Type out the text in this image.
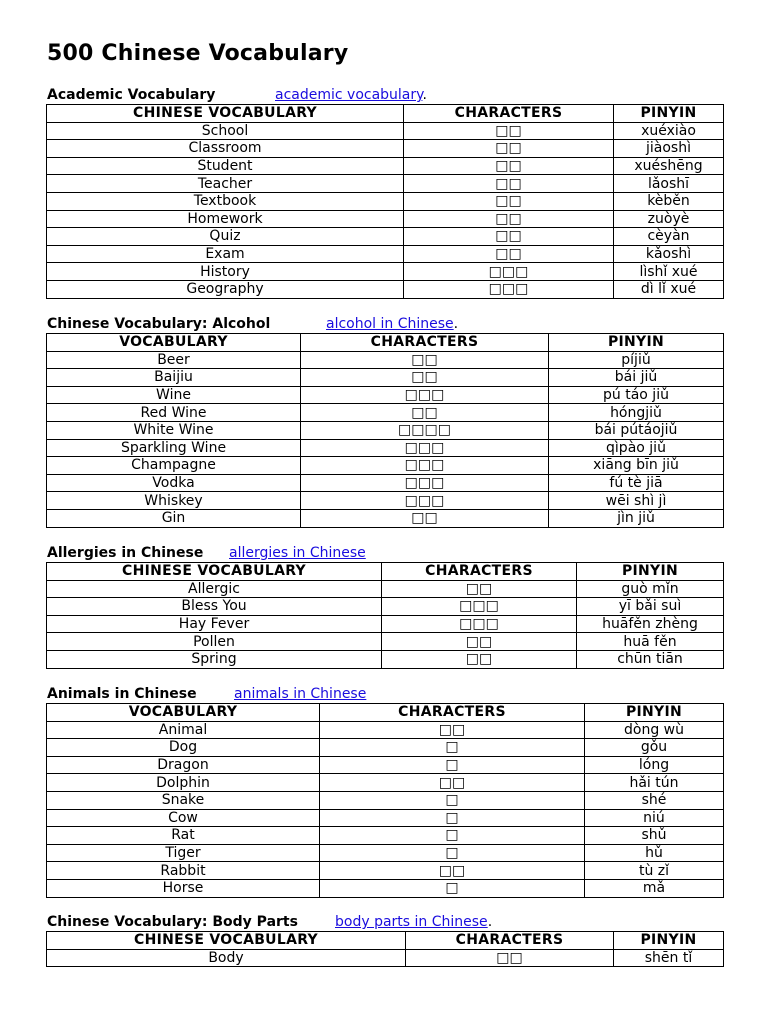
500 Chinese Vocabulary
Academic Vocabulary	academic vocabulary.
CHINESE VOCABULARY	CHARACTERS	PINYIN
School	□□	xuéxiào
Classroom	□□	jiàoshì
Student	□□	xuéshēng
Teacher	□□	lǎoshī
Textbook	□□	kèběn
Homework	□□	zuòyè
Quiz	□□	cèyàn
Exam	□□	kǎoshì
History	□□□	lìshǐ xué
Geography	□□□	dì lǐ xué
Chinese Vocabulary: Alcohol	alcohol in Chinese.
VOCABULARY	CHARACTERS	PINYIN
Beer	□□	píjiǔ
Baijiu	□□	bái jiǔ
Wine	□□□	pú táo jiǔ
Red Wine	□□	hóngjiǔ
White Wine	□□□□	bái pútáojiǔ
Sparkling Wine	□□□	qìpào jiǔ
Champagne	□□□	xiāng bīn jiǔ
Vodka	□□□	fú tè jiā
Whiskey	□□□	wēi shì jì
Gin	□□	jìn jiǔ
Allergies in Chinese allergies in Chinese
CHINESE VOCABULARY	CHARACTERS	PINYIN
Allergic	□□	guò mǐn
Bless You	□□□	yī bǎi suì
Hay Fever	□□□	huāfěn zhèng
Pollen	□□	huā fěn
Spring	□□	chūn tiān
Animals in Chinese	animals in Chinese
VOCABULARY	CHARACTERS	PINYIN
Animal	□□	dòng wù
Dog	□	gǒu
Dragon	□	lóng
Dolphin	□□	hǎi tún
Snake	□	shé
Cow	□	niú
Rat	□	shǔ
Tiger	□	hǔ
Rabbit	□□	tù zǐ
Horse	□	mǎ
Chinese Vocabulary: Body Parts	body parts in Chinese.
CHINESE VOCABULARY	CHARACTERS	PINYIN
Body	□□	shēn tǐ
